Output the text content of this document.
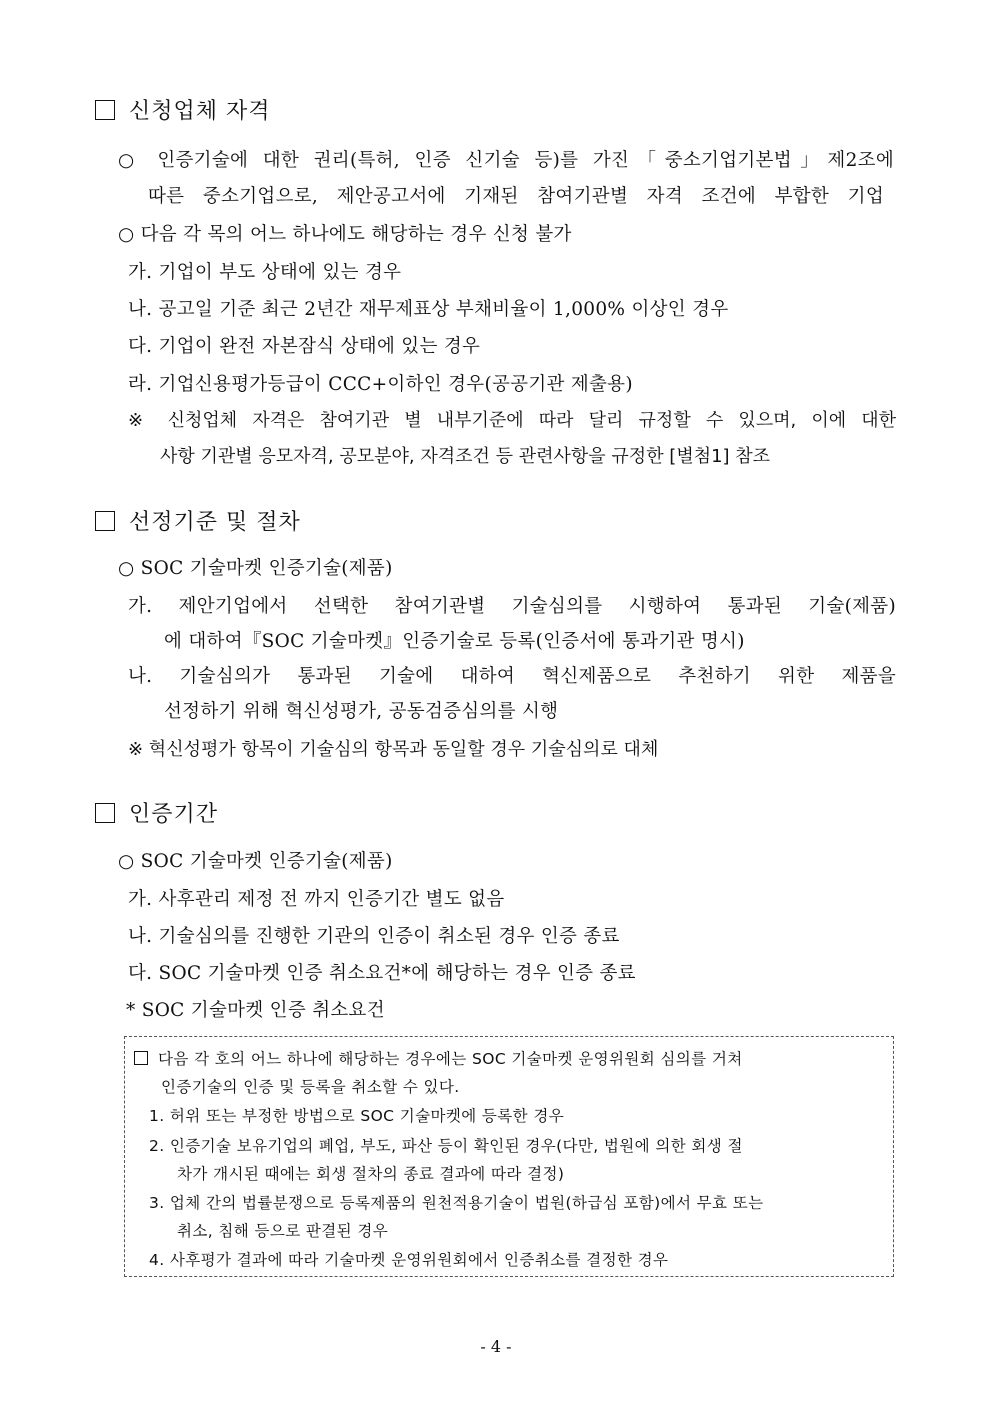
신청업체 자격
○ 인증기술에 대한 권리(특허, 인증 신기술 등)를 가진「중소기업기본법」제2조에
따른 중소기업으로, 제안공고서에 기재된 참여기관별 자격 조건에 부합한 기업
○ 다음 각 목의 어느 하나에도 해당하는 경우 신청 불가
가. 기업이 부도 상태에 있는 경우
나. 공고일 기준 최근 2년간 재무제표상 부채비율이 1,000% 이상인 경우
다. 기업이 완전 자본잠식 상태에 있는 경우
라. 기업신용평가등급이 CCC+이하인 경우(공공기관 제출용)
※ 신청업체 자격은 참여기관 별 내부기준에 따라 달리 규정할 수 있으며, 이에 대한
사항 기관별 응모자격, 공모분야, 자격조건 등 관련사항을 규정한 [별첨1] 참조
선정기준 및 절차
○ SOC 기술마켓 인증기술(제품)
가. 제안기업에서 선택한 참여기관별 기술심의를 시행하여 통과된 기술(제품)
에 대하여『SOC 기술마켓』인증기술로 등록(인증서에 통과기관 명시)
나. 기술심의가 통과된 기술에 대하여 혁신제품으로 추천하기 위한 제품을
선정하기 위해 혁신성평가, 공동검증심의를 시행
※ 혁신성평가 항목이 기술심의 항목과 동일할 경우 기술심의로 대체
인증기간
○ SOC 기술마켓 인증기술(제품)
가. 사후관리 제정 전 까지 인증기간 별도 없음
나. 기술심의를 진행한 기관의 인증이 취소된 경우 인증 종료
다. SOC 기술마켓 인증 취소요건*에 해당하는 경우 인증 종료
* SOC 기술마켓 인증 취소요건
다음 각 호의 어느 하나에 해당하는 경우에는 SOC 기술마켓 운영위원회 심의를 거쳐
인증기술의 인증 및 등록을 취소할 수 있다.
1. 허위 또는 부정한 방법으로 SOC 기술마켓에 등록한 경우
2. 인증기술 보유기업의 폐업, 부도, 파산 등이 확인된 경우(다만, 법원에 의한 회생 절
차가 개시된 때에는 회생 절차의 종료 결과에 따라 결정)
3. 업체 간의 법률분쟁으로 등록제품의 원천적용기술이 법원(하급심 포함)에서 무효 또는
취소, 침해 등으로 판결된 경우
4. 사후평가 결과에 따라 기술마켓 운영위원회에서 인증취소를 결정한 경우
- 4 -
